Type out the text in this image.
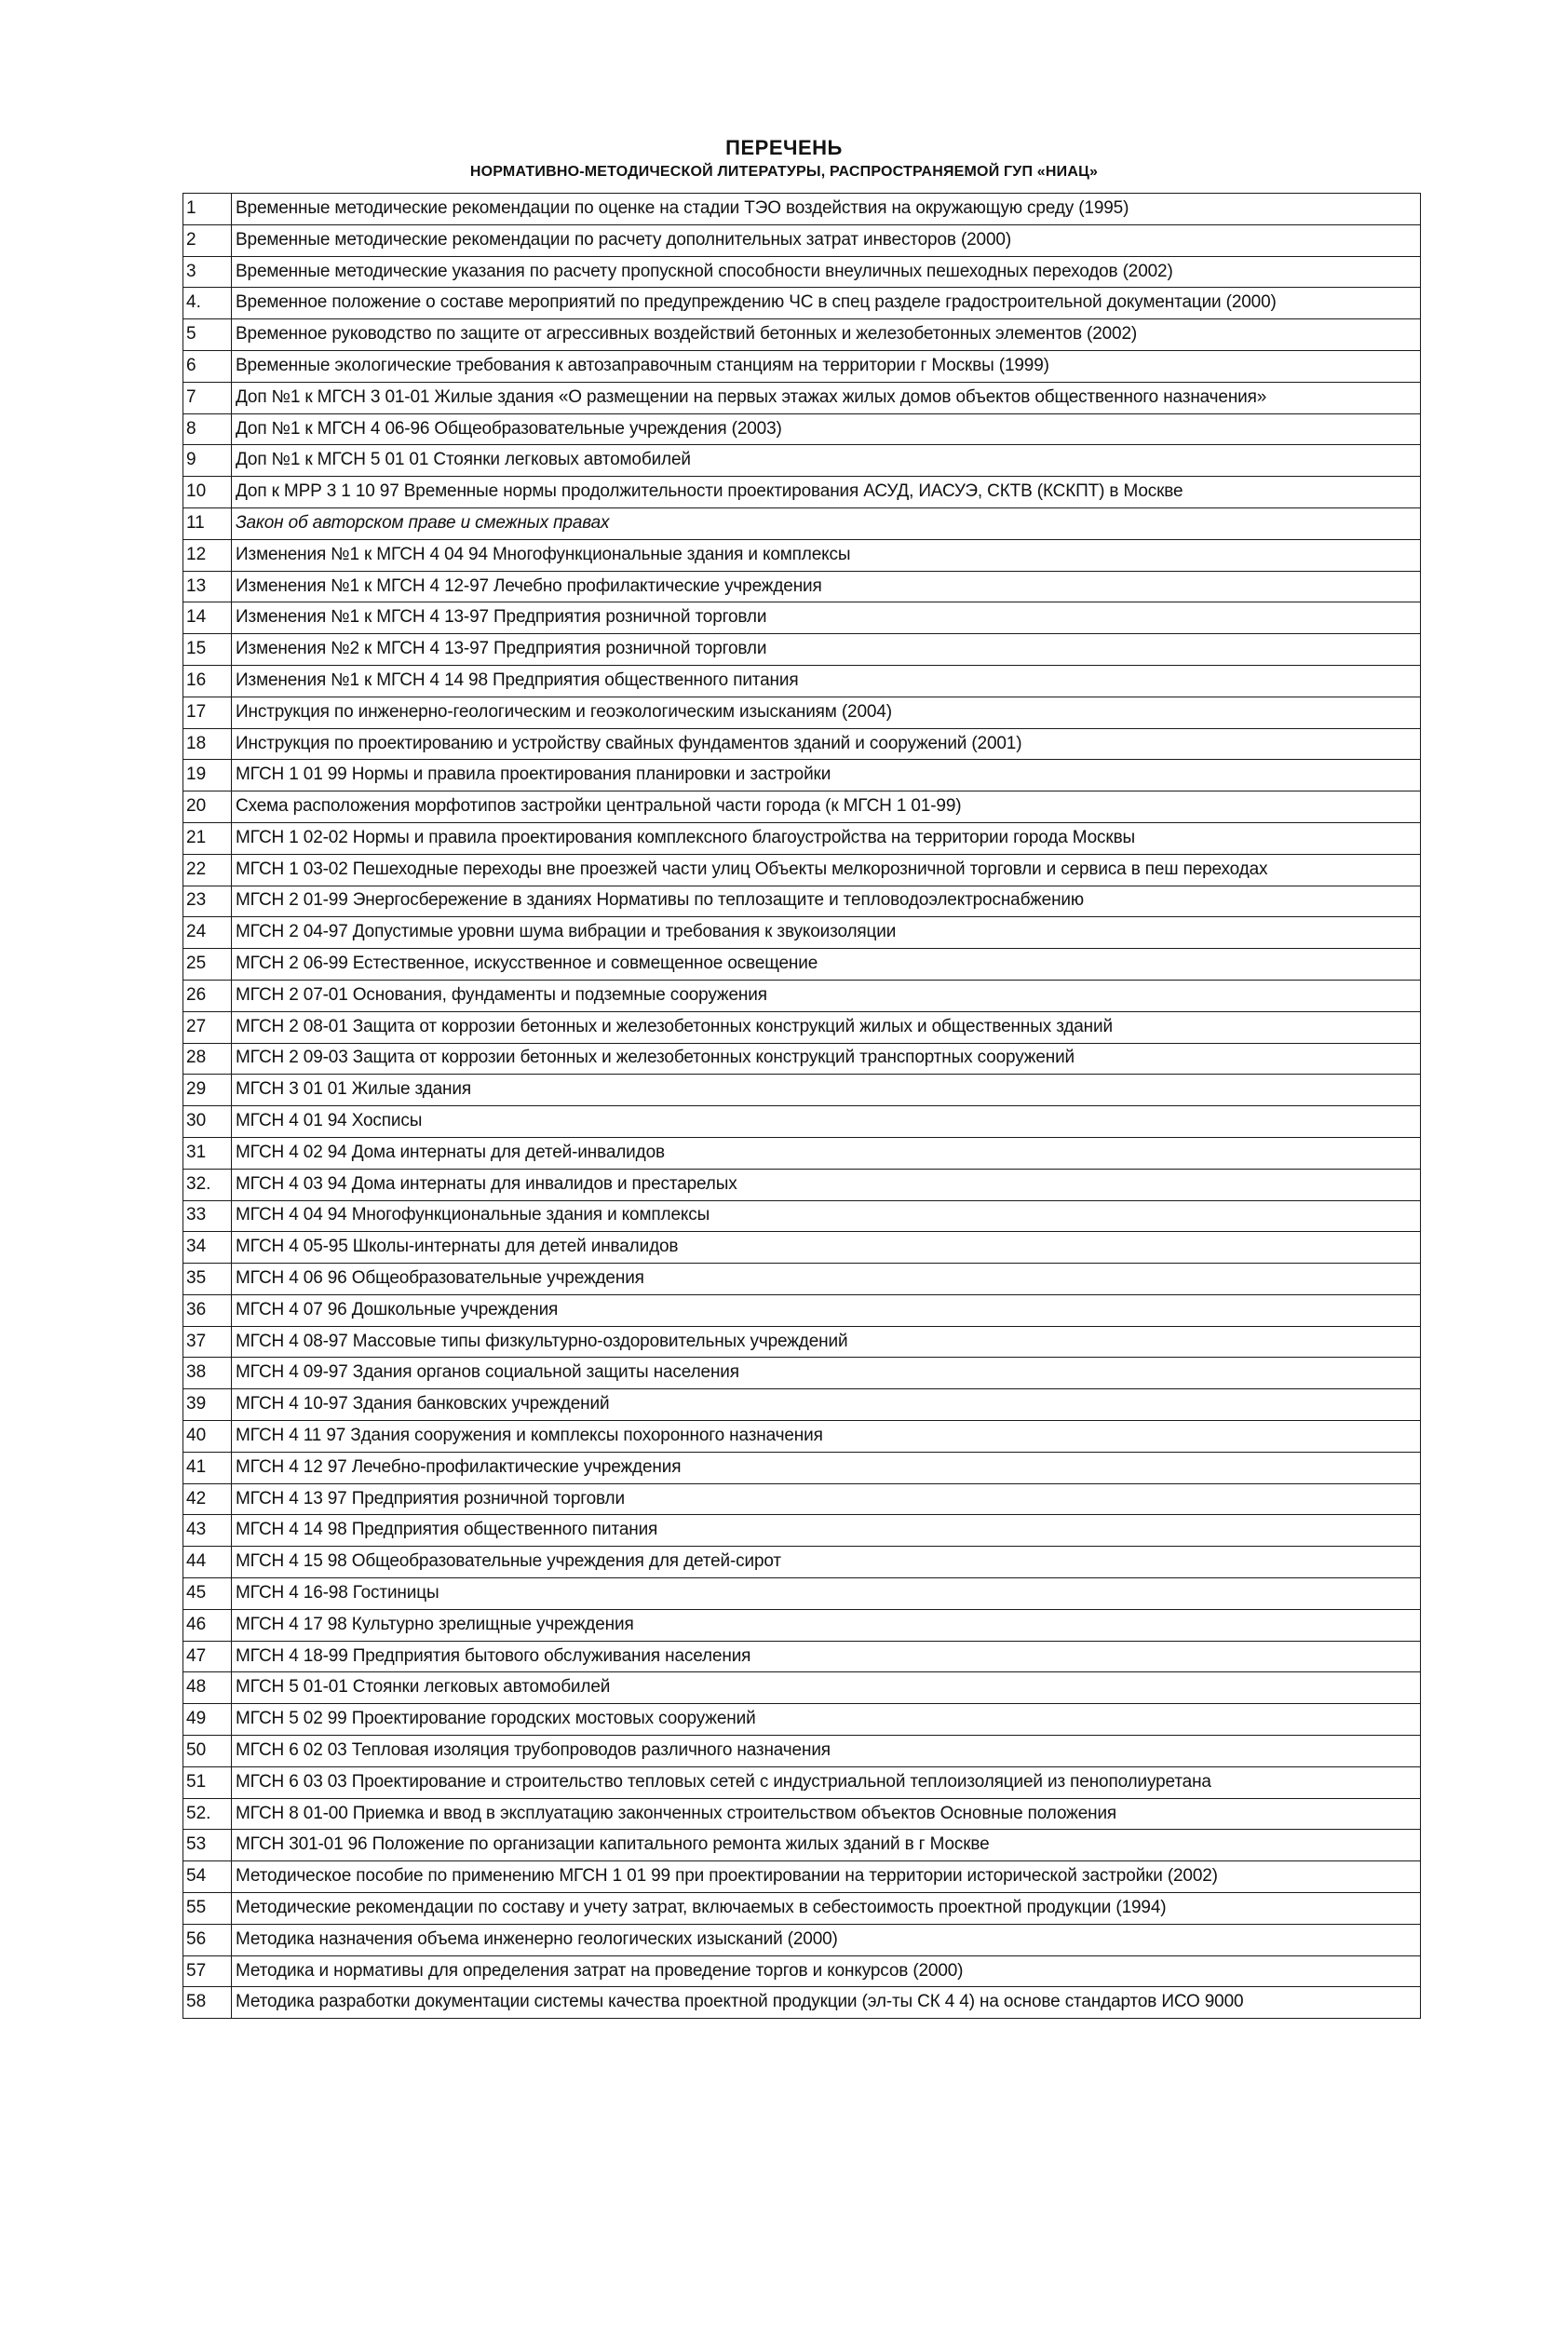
ПЕРЕЧЕНЬ
НОРМАТИВНО-МЕТОДИЧЕСКОЙ ЛИТЕРАТУРЫ, РАСПРОСТРАНЯЕМОЙ ГУП «НИАЦ»
1	Временные методические рекомендации по оценке на стадии ТЭО воздействия на окружающую среду (1995)
2	Временные методические рекомендации по расчету дополнительных затрат инвесторов (2000)
3	Временные методические указания по расчету пропускной способности внеуличных пешеходных переходов (2002)
4.	Временное положение о составе мероприятий по предупреждению ЧС в спец разделе градостроительной документации (2000)
5	Временное руководство по защите от агрессивных воздействий бетонных и железобетонных элементов (2002)
6	Временные экологические требования к автозаправочным станциям на территории г Москвы (1999)
7	Доп №1 к МГСН 3 01-01 Жилые здания «О размещении на первых этажах жилых домов объектов общественного назначения»
8	Доп №1 к МГСН 4 06-96 Общеобразовательные учреждения (2003)
9	Доп №1 к МГСН 5 01 01 Стоянки легковых автомобилей
10	Доп к МРР 3 1 10 97 Временные нормы продолжительности проектирования АСУД, ИАСУЭ, СКТВ (КСКПТ) в Москве
11	Закон об авторском праве и смежных правах
12	Изменения №1 к МГСН 4 04 94 Многофункциональные здания и комплексы
13	Изменения №1 к МГСН 4 12-97 Лечебно профилактические учреждения
14	Изменения №1 к МГСН 4 13-97 Предприятия розничной торговли
15	Изменения №2 к МГСН 4 13-97 Предприятия розничной торговли
16	Изменения №1 к МГСН 4 14 98 Предприятия общественного питания
17	Инструкция по инженерно-геологическим и геоэкологическим изысканиям (2004)
18	Инструкция по проектированию и устройству свайных фундаментов зданий и сооружений (2001)
19	МГСН 1 01 99 Нормы и правила проектирования планировки и застройки
20	Схема расположения морфотипов застройки центральной части города (к МГСН 1 01-99)
21	МГСН 1 02-02 Нормы и правила проектирования комплексного благоустройства на территории города Москвы
22	МГСН 1 03-02 Пешеходные переходы вне проезжей части улиц Объекты мелкорозничной торговли и сервиса в пеш переходах
23	МГСН 2 01-99 Энергосбережение в зданиях Нормативы по теплозащите и тепловодоэлектроснабжению
24	МГСН 2 04-97 Допустимые уровни шума вибрации и требования к звукоизоляции
25	МГСН 2 06-99 Естественное, искусственное и совмещенное освещение
26	МГСН 2 07-01 Основания, фундаменты и подземные сооружения
27	МГСН 2 08-01 Защита от коррозии бетонных и железобетонных конструкций жилых и общественных зданий
28	МГСН 2 09-03 Защита от коррозии бетонных и железобетонных конструкций транспортных сооружений
29	МГСН 3 01 01 Жилые здания
30	МГСН 4 01 94 Хосписы
31	МГСН 4 02 94 Дома интернаты для детей-инвалидов
32.	МГСН 4 03 94 Дома интернаты для инвалидов и престарелых
33	МГСН 4 04 94 Многофункциональные здания и комплексы
34	МГСН 4 05-95 Школы-интернаты для детей инвалидов
35	МГСН 4 06 96 Общеобразовательные учреждения
36	МГСН 4 07 96 Дошкольные учреждения
37	МГСН 4 08-97 Массовые типы физкультурно-оздоровительных учреждений
38	МГСН 4 09-97 Здания органов социальной защиты населения
39	МГСН 4 10-97 Здания банковских учреждений
40	МГСН 4 11 97 Здания сооружения и комплексы похоронного назначения
41	МГСН 4 12 97 Лечебно-профилактические учреждения
42	МГСН 4 13 97 Предприятия розничной торговли
43	МГСН 4 14 98 Предприятия общественного питания
44	МГСН 4 15 98 Общеобразовательные учреждения для детей-сирот
45	МГСН 4 16-98 Гостиницы
46	МГСН 4 17 98 Культурно зрелищные учреждения
47	МГСН 4 18-99 Предприятия бытового обслуживания населения
48	МГСН 5 01-01 Стоянки легковых автомобилей
49	МГСН 5 02 99 Проектирование городских мостовых сооружений
50	МГСН 6 02 03 Тепловая изоляция трубопроводов различного назначения
51	МГСН 6 03 03 Проектирование и строительство тепловых сетей с индустриальной теплоизоляцией из пенополиуретана
52.	МГСН 8 01-00 Приемка и ввод в эксплуатацию законченных строительством объектов Основные положения
53	МГСН 301-01 96 Положение по организации капитального ремонта жилых зданий в г Москве
54	Методическое пособие по применению МГСН 1 01 99 при проектировании на территории исторической застройки (2002)
55	Методические рекомендации по составу и учету затрат, включаемых в себестоимость проектной продукции (1994)
56	Методика назначения объема инженерно геологических изысканий (2000)
57	Методика и нормативы для определения затрат на проведение торгов и конкурсов (2000)
58	Методика разработки документации системы качества проектной продукции (эл-ты СК 4 4) на основе стандартов ИСО 9000
